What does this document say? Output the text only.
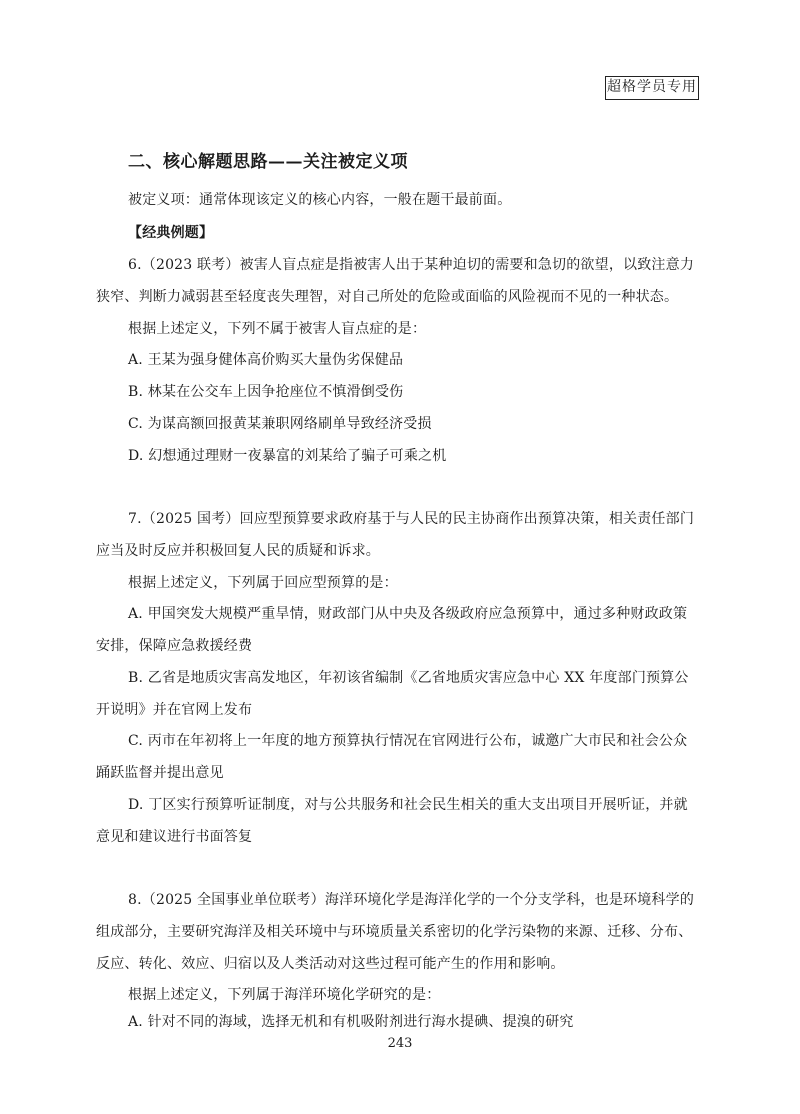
超格学员专用
二、核心解题思路——关注被定义项
被定义项：通常体现该定义的核心内容，一般在题干最前面。
【经典例题】
6.（2023 联考）被害人盲点症是指被害人出于某种迫切的需要和急切的欲望，以致注意力
狭窄、判断力减弱甚至轻度丧失理智，对自己所处的危险或面临的风险视而不见的一种状态。
根据上述定义，下列不属于被害人盲点症的是：
A. 王某为强身健体高价购买大量伪劣保健品
B. 林某在公交车上因争抢座位不慎滑倒受伤
C. 为谋高额回报黄某兼职网络刷单导致经济受损
D. 幻想通过理财一夜暴富的刘某给了骗子可乘之机
7.（2025 国考）回应型预算要求政府基于与人民的民主协商作出预算决策，相关责任部门
应当及时反应并积极回复人民的质疑和诉求。
根据上述定义，下列属于回应型预算的是：
A. 甲国突发大规模严重旱情，财政部门从中央及各级政府应急预算中，通过多种财政政策
安排，保障应急救援经费
B. 乙省是地质灾害高发地区，年初该省编制《乙省地质灾害应急中心 XX 年度部门预算公
开说明》并在官网上发布
C. 丙市在年初将上一年度的地方预算执行情况在官网进行公布，诚邀广大市民和社会公众
踊跃监督并提出意见
D. 丁区实行预算听证制度，对与公共服务和社会民生相关的重大支出项目开展听证，并就
意见和建议进行书面答复
8.（2025 全国事业单位联考）海洋环境化学是海洋化学的一个分支学科，也是环境科学的
组成部分，主要研究海洋及相关环境中与环境质量关系密切的化学污染物的来源、迁移、分布、
反应、转化、效应、归宿以及人类活动对这些过程可能产生的作用和影响。
根据上述定义，下列属于海洋环境化学研究的是：
A. 针对不同的海域，选择无机和有机吸附剂进行海水提碘、提溴的研究
243
